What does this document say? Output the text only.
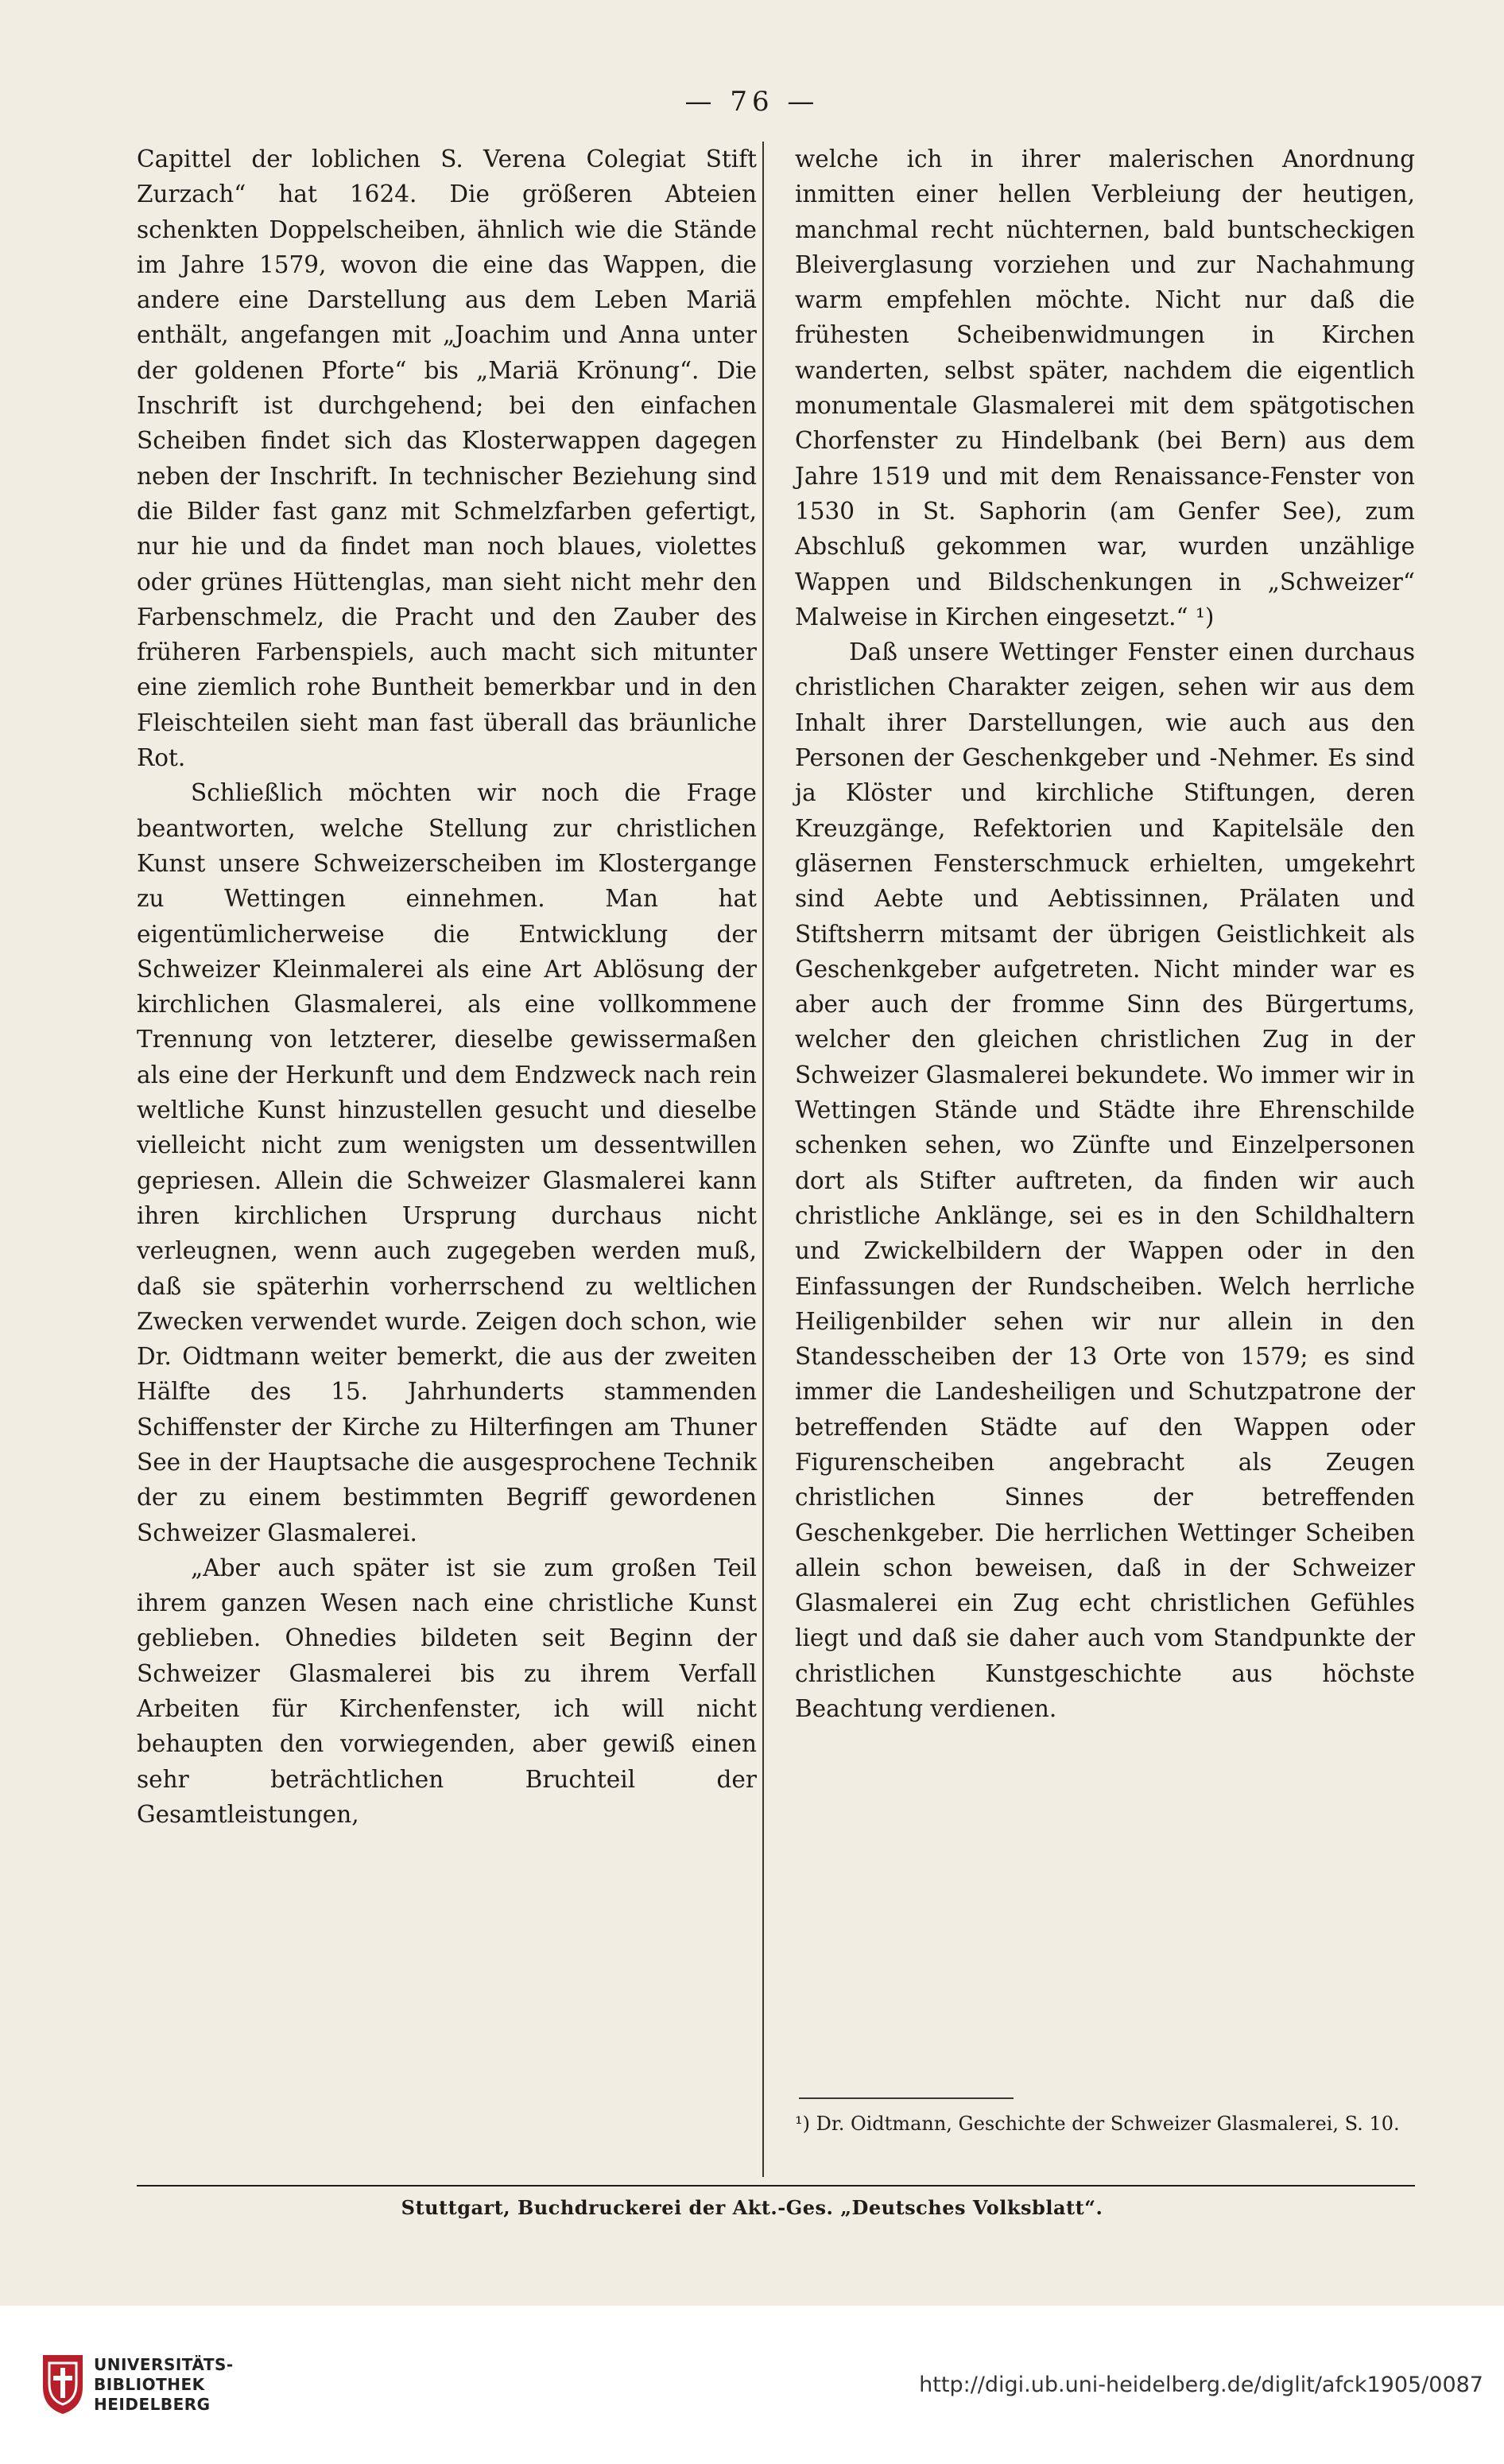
— 76 —

Capittel der loblichen S. Verena Colegiat Stift Zurzach“ hat 1624. Die größeren Abteien schenkten Doppelscheiben, ähnlich wie die Stände im Jahre 1579, wovon die eine das Wappen, die andere eine Darstellung aus dem Leben Mariä enthält, angefangen mit „Joachim und Anna unter der goldenen Pforte“ bis „Mariä Krönung“. Die Inschrift ist durchgehend; bei den einfachen Scheiben findet sich das Klosterwappen dagegen neben der Inschrift. In technischer Beziehung sind die Bilder fast ganz mit Schmelzfarben gefertigt, nur hie und da findet man noch blaues, violettes oder grünes Hüttenglas, man sieht nicht mehr den Farbenschmelz, die Pracht und den Zauber des früheren Farbenspiels, auch macht sich mitunter eine ziemlich rohe Buntheit bemerkbar und in den Fleischteilen sieht man fast überall das bräunliche Rot.

Schließlich möchten wir noch die Frage beantworten, welche Stellung zur christlichen Kunst unsere Schweizerscheiben im Klostergange zu Wettingen einnehmen. Man hat eigentümlicherweise die Entwicklung der Schweizer Kleinmalerei als eine Art Ablösung der kirchlichen Glasmalerei, als eine vollkommene Trennung von letzterer, dieselbe gewissermaßen als eine der Herkunft und dem Endzweck nach rein weltliche Kunst hinzustellen gesucht und dieselbe vielleicht nicht zum wenigsten um dessentwillen gepriesen. Allein die Schweizer Glasmalerei kann ihren kirchlichen Ursprung durchaus nicht verleugnen, wenn auch zugegeben werden muß, daß sie späterhin vorherrschend zu weltlichen Zwecken verwendet wurde. Zeigen doch schon, wie Dr. Oidtmann weiter bemerkt, die aus der zweiten Hälfte des 15. Jahrhunderts stammenden Schiffenster der Kirche zu Hilterfingen am Thuner See in der Hauptsache die ausgesprochene Technik der zu einem bestimmten Begriff gewordenen Schweizer Glasmalerei.

„Aber auch später ist sie zum großen Teil ihrem ganzen Wesen nach eine christliche Kunst geblieben. Ohnedies bildeten seit Beginn der Schweizer Glasmalerei bis zu ihrem Verfall Arbeiten für Kirchenfenster, ich will nicht behaupten den vorwiegenden, aber gewiß einen sehr beträchtlichen Bruchteil der Gesamtleistungen,

welche ich in ihrer malerischen Anordnung inmitten einer hellen Verbleiung der heutigen, manchmal recht nüchternen, bald buntscheckigen Bleiverglasung vorziehen und zur Nachahmung warm empfehlen möchte. Nicht nur daß die frühesten Scheibenwidmungen in Kirchen wanderten, selbst später, nachdem die eigentlich monumentale Glasmalerei mit dem spätgotischen Chorfenster zu Hindelbank (bei Bern) aus dem Jahre 1519 und mit dem Renaissance-Fenster von 1530 in St. Saphorin (am Genfer See), zum Abschluß gekommen war, wurden unzählige Wappen und Bildschenkungen in „Schweizer“ Malweise in Kirchen eingesetzt.“ ¹)

Daß unsere Wettinger Fenster einen durchaus christlichen Charakter zeigen, sehen wir aus dem Inhalt ihrer Darstellungen, wie auch aus den Personen der Geschenkgeber und -Nehmer. Es sind ja Klöster und kirchliche Stiftungen, deren Kreuzgänge, Refektorien und Kapitelsäle den gläsernen Fensterschmuck erhielten, umgekehrt sind Aebte und Aebtissinnen, Prälaten und Stiftsherrn mitsamt der übrigen Geistlichkeit als Geschenkgeber aufgetreten. Nicht minder war es aber auch der fromme Sinn des Bürgertums, welcher den gleichen christlichen Zug in der Schweizer Glasmalerei bekundete. Wo immer wir in Wettingen Stände und Städte ihre Ehrenschilde schenken sehen, wo Zünfte und Einzelpersonen dort als Stifter auftreten, da finden wir auch christliche Anklänge, sei es in den Schildhaltern und Zwickelbildern der Wappen oder in den Einfassungen der Rundscheiben. Welch herrliche Heiligenbilder sehen wir nur allein in den Standesscheiben der 13 Orte von 1579; es sind immer die Landesheiligen und Schutzpatrone der betreffenden Städte auf den Wappen oder Figurenscheiben angebracht als Zeugen christlichen Sinnes der betreffenden Geschenkgeber. Die herrlichen Wettinger Scheiben allein schon beweisen, daß in der Schweizer Glasmalerei ein Zug echt christlichen Gefühles liegt und daß sie daher auch vom Standpunkte der christlichen Kunstgeschichte aus höchste Beachtung verdienen.

¹) Dr. Oidtmann, Geschichte der Schweizer Glasmalerei, S. 10.
Stuttgart, Buchdruckerei der Akt.-Ges. „Deutsches Volksblatt“.
UNIVERSITÄTS-
BIBLIOTHEK
HEIDELBERG
http://digi.ub.uni-heidelberg.de/diglit/afck1905/0087
